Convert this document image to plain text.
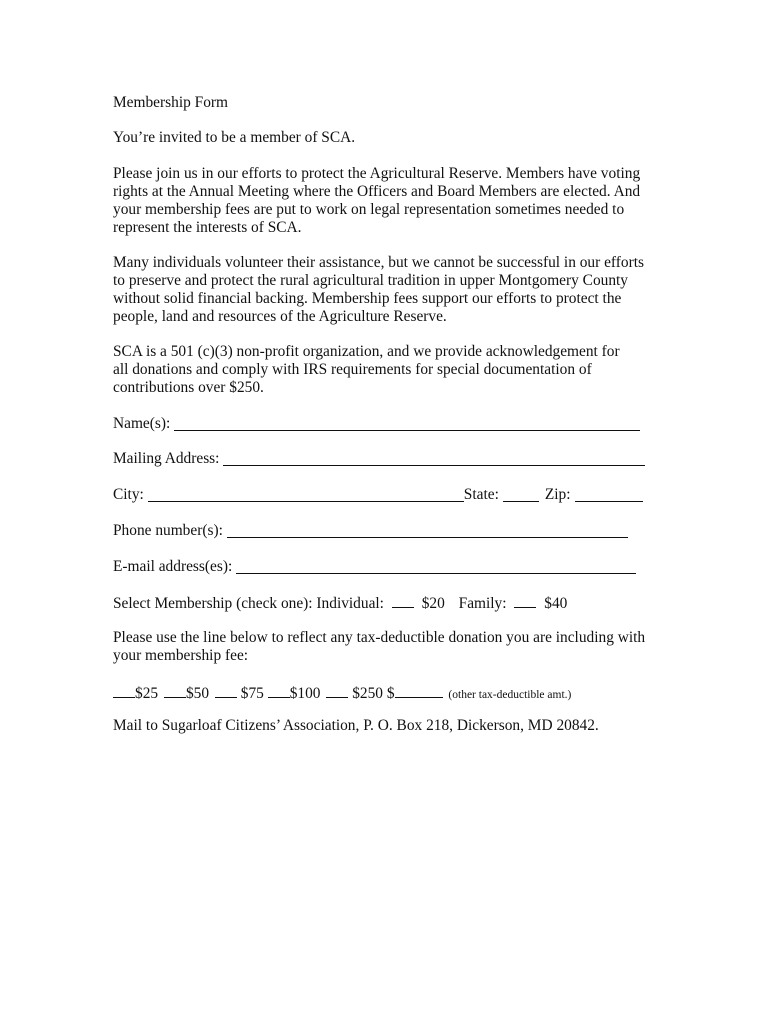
Membership Form
You’re invited to be a member of SCA.
Please join us in our efforts to protect the Agricultural Reserve. Members have voting
rights at the Annual Meeting where the Officers and Board Members are elected. And
your membership fees are put to work on legal representation sometimes needed to
represent the interests of SCA.
Many individuals volunteer their assistance, but we cannot be successful in our efforts
to preserve and protect the rural agricultural tradition in upper Montgomery County
without solid financial backing. Membership fees support our efforts to protect the
people, land and resources of the Agriculture Reserve.
SCA is a 501 (c)(3) non-profit organization, and we provide acknowledgement for
all donations and comply with IRS requirements for special documentation of
contributions over $250.
Name(s):
Mailing Address:
City:	State:	Zip:
Phone number(s):
E-mail address(es):
Select Membership (check one): Individual: $20 Family: $40
Please use the line below to reflect any tax-deductible donation you are including with
your membership fee:
$25 $50 $75 $100 $250 $	(other tax-deductible amt.)
Mail to Sugarloaf Citizens’ Association, P. O. Box 218, Dickerson, MD 20842.
